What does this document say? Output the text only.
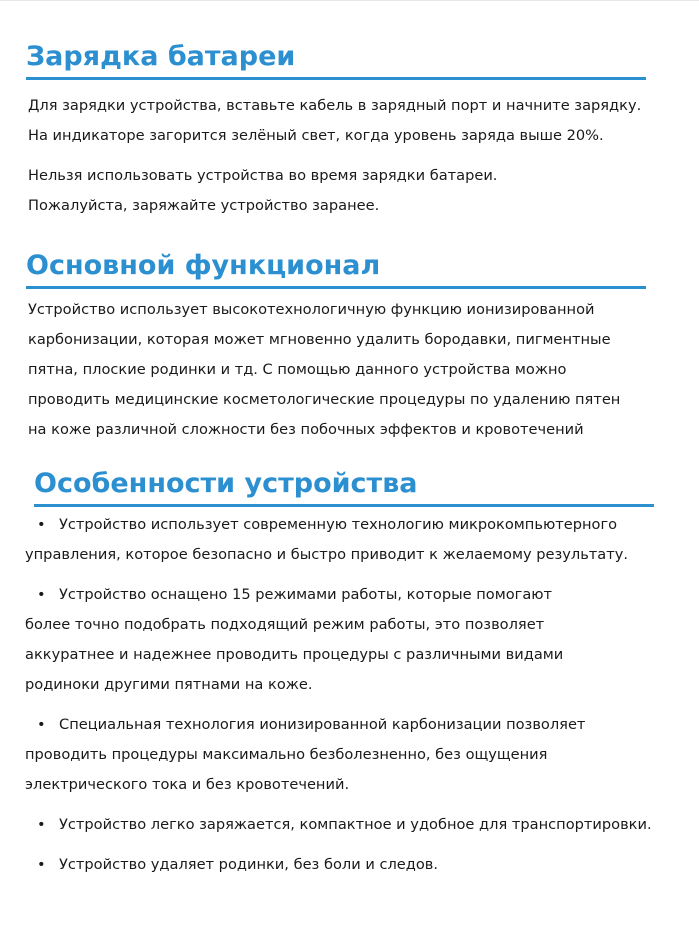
Зарядка батареи

Для зарядки устройства, вставьте кабель в зарядный порт и начните зарядку.

На индикаторе загорится зелёный свет, когда уровень заряда выше 20%.

Нельзя использовать устройства во время зарядки батареи.

Пожалуйста, заряжайте устройство заранее.

Основной функционал

Устройство использует высокотехнологичную функцию ионизированной

карбонизации, которая может мгновенно удалить бородавки, пигментные

пятна, плоские родинки и тд. С помощью данного устройства можно

проводить медицинские косметологические процедуры по удалению пятен

на коже различной сложности без побочных эффектов и кровотечений

Особенности устройства

• Устройство использует современную технологию микрокомпьютерного

управления, которое безопасно и быстро приводит к желаемому результату.

• Устройство оснащено 15 режимами работы, которые помогают

более точно подобрать подходящий режим работы, это позволяет

аккуратнее и надежнее проводить процедуры с различными видами

родиноки другими пятнами на коже.

• Специальная технология ионизированной карбонизации позволяет

проводить процедуры максимально безболезненно, без ощущения

электрического тока и без кровотечений.

• Устройство легко заряжается, компактное и удобное для транспортировки.

• Устройство удаляет родинки, без боли и следов.
